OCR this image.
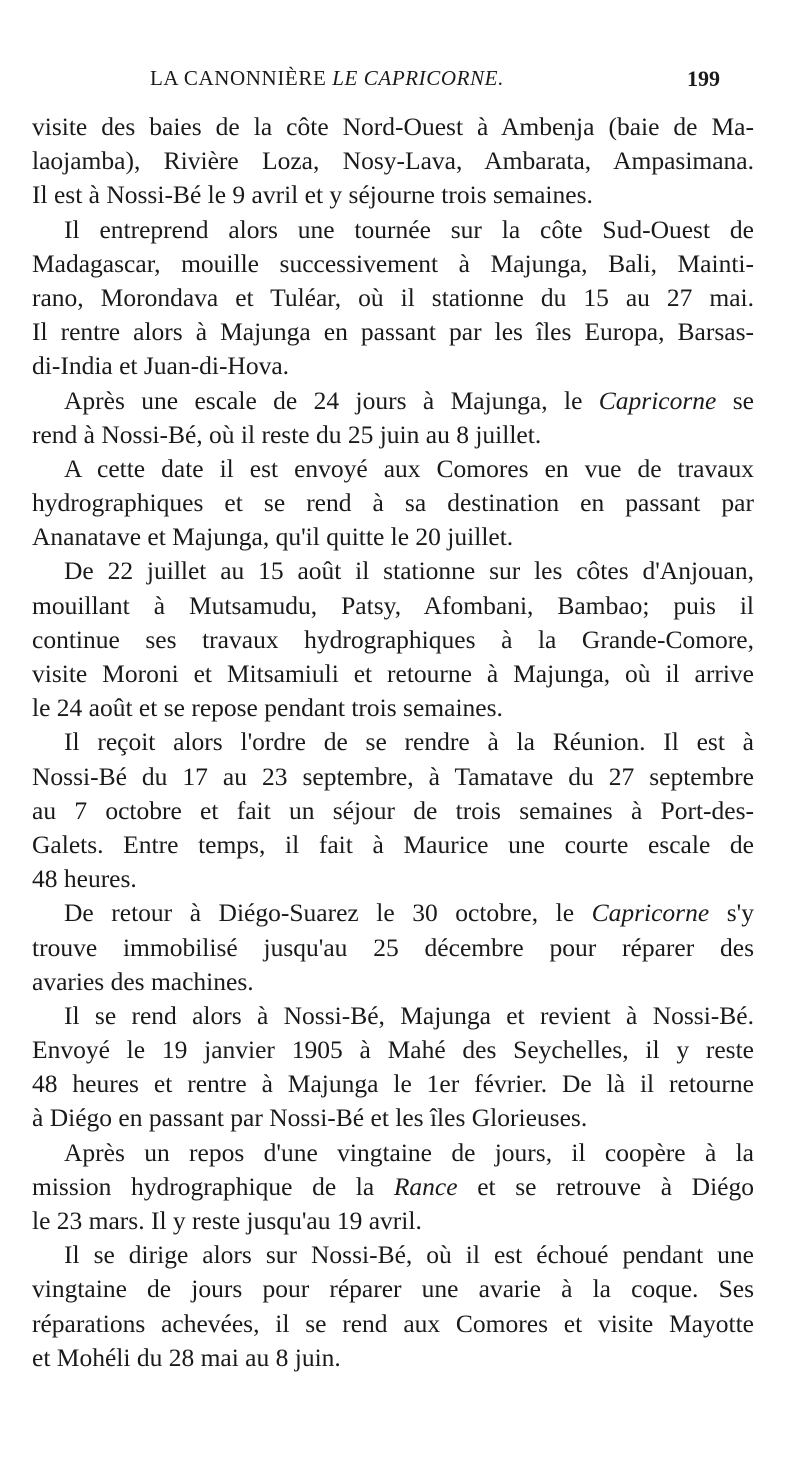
LA CANONNIÈRE LE CAPRICORNE.	199
visite des baies de la côte Nord-Ouest à Ambenja (baie de Ma-
laojamba), Rivière Loza, Nosy-Lava, Ambarata, Ampasimana.
Il est à Nossi-Bé le 9 avril et y séjourne trois semaines.
Il entreprend alors une tournée sur la côte Sud-Ouest de
Madagascar, mouille successivement à Majunga, Bali, Mainti-
rano, Morondava et Tuléar, où il stationne du 15 au 27 mai.
Il rentre alors à Majunga en passant par les îles Europa, Barsas-
di-India et Juan-di-Hova.
Après une escale de 24 jours à Majunga, le Capricorne se
rend à Nossi-Bé, où il reste du 25 juin au 8 juillet.
A cette date il est envoyé aux Comores en vue de travaux
hydrographiques et se rend à sa destination en passant par
Ananatave et Majunga, qu'il quitte le 20 juillet.
De 22 juillet au 15 août il stationne sur les côtes d'Anjouan,
mouillant à Mutsamudu, Patsy, Afombani, Bambao; puis il
continue ses travaux hydrographiques à la Grande-Comore,
visite Moroni et Mitsamiuli et retourne à Majunga, où il arrive
le 24 août et se repose pendant trois semaines.
Il reçoit alors l'ordre de se rendre à la Réunion. Il est à
Nossi-Bé du 17 au 23 septembre, à Tamatave du 27 septembre
au 7 octobre et fait un séjour de trois semaines à Port-des-
Galets. Entre temps, il fait à Maurice une courte escale de
48 heures.
De retour à Diégo-Suarez le 30 octobre, le Capricorne s'y
trouve immobilisé jusqu'au 25 décembre pour réparer des
avaries des machines.
Il se rend alors à Nossi-Bé, Majunga et revient à Nossi-Bé.
Envoyé le 19 janvier 1905 à Mahé des Seychelles, il y reste
48 heures et rentre à Majunga le 1er février. De là il retourne
à Diégo en passant par Nossi-Bé et les îles Glorieuses.
Après un repos d'une vingtaine de jours, il coopère à la
mission hydrographique de la Rance et se retrouve à Diégo
le 23 mars. Il y reste jusqu'au 19 avril.
Il se dirige alors sur Nossi-Bé, où il est échoué pendant une
vingtaine de jours pour réparer une avarie à la coque. Ses
réparations achevées, il se rend aux Comores et visite Mayotte
et Mohéli du 28 mai au 8 juin.
